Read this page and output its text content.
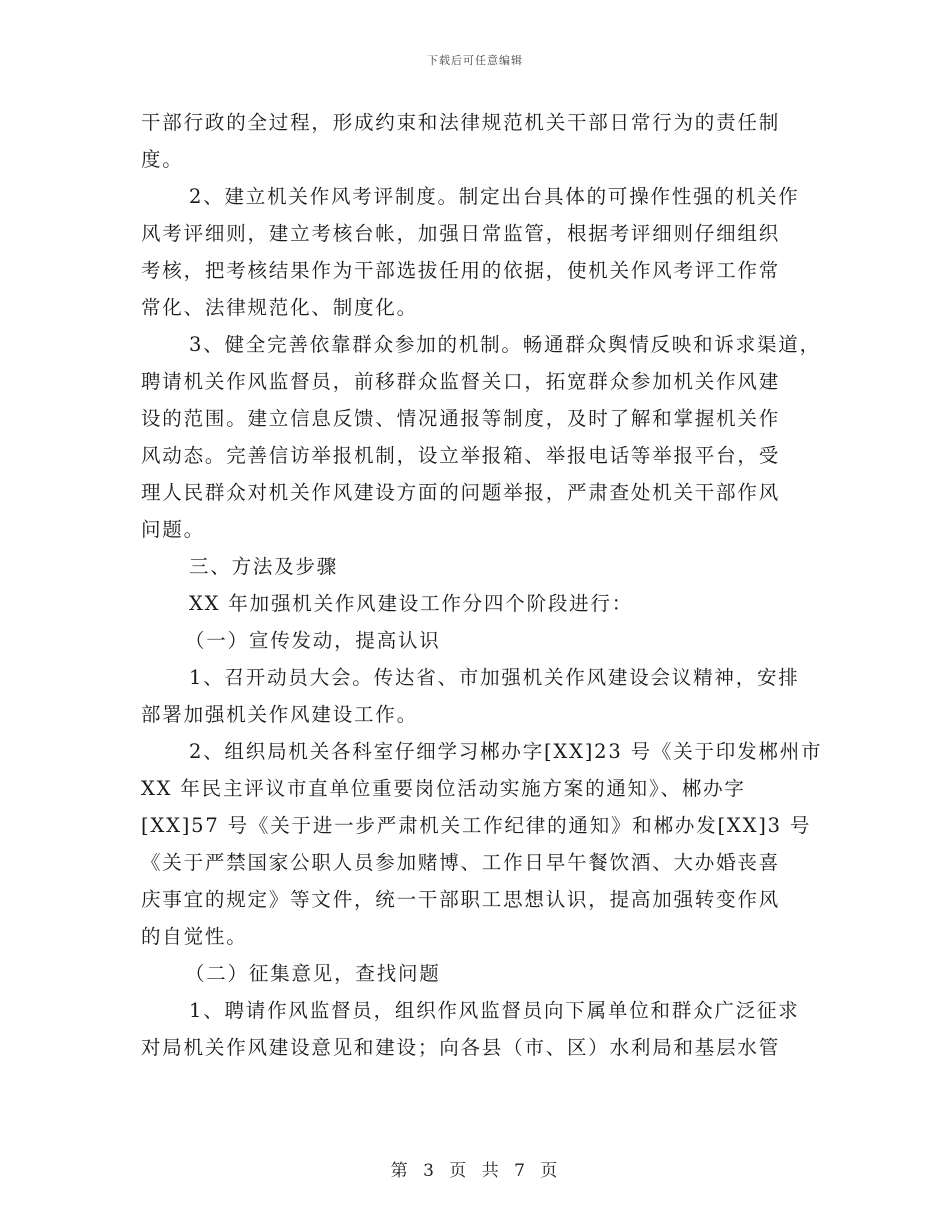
下载后可任意编辑
干部行政的全过程，形成约束和法律规范机关干部日常行为的责任制
度。
2、建立机关作风考评制度。制定出台具体的可操作性强的机关作
风考评细则，建立考核台帐，加强日常监管，根据考评细则仔细组织
考核，把考核结果作为干部选拔任用的依据，使机关作风考评工作常
常化、法律规范化、制度化。
3、健全完善依靠群众参加的机制。畅通群众舆情反映和诉求渠道，
聘请机关作风监督员，前移群众监督关口，拓宽群众参加机关作风建
设的范围。建立信息反馈、情况通报等制度，及时了解和掌握机关作
风动态。完善信访举报机制，设立举报箱、举报电话等举报平台，受
理人民群众对机关作风建设方面的问题举报，严肃查处机关干部作风
问题。
三、方法及步骤
XX 年加强机关作风建设工作分四个阶段进行：
（一）宣传发动，提高认识
1、召开动员大会。传达省、市加强机关作风建设会议精神，安排
部署加强机关作风建设工作。
2、组织局机关各科室仔细学习郴办字[XX]23 号《关于印发郴州市
XX 年民主评议市直单位重要岗位活动实施方案的通知》、郴办字
[XX]57 号《关于进一步严肃机关工作纪律的通知》和郴办发[XX]3 号
《关于严禁国家公职人员参加赌博、工作日早午餐饮酒、大办婚丧喜
庆事宜的规定》等文件，统一干部职工思想认识，提高加强转变作风
的自觉性。
（二）征集意见，查找问题
1、聘请作风监督员，组织作风监督员向下属单位和群众广泛征求
对局机关作风建设意见和建设；向各县（市、区）水利局和基层水管
第 3 页 共 7 页
